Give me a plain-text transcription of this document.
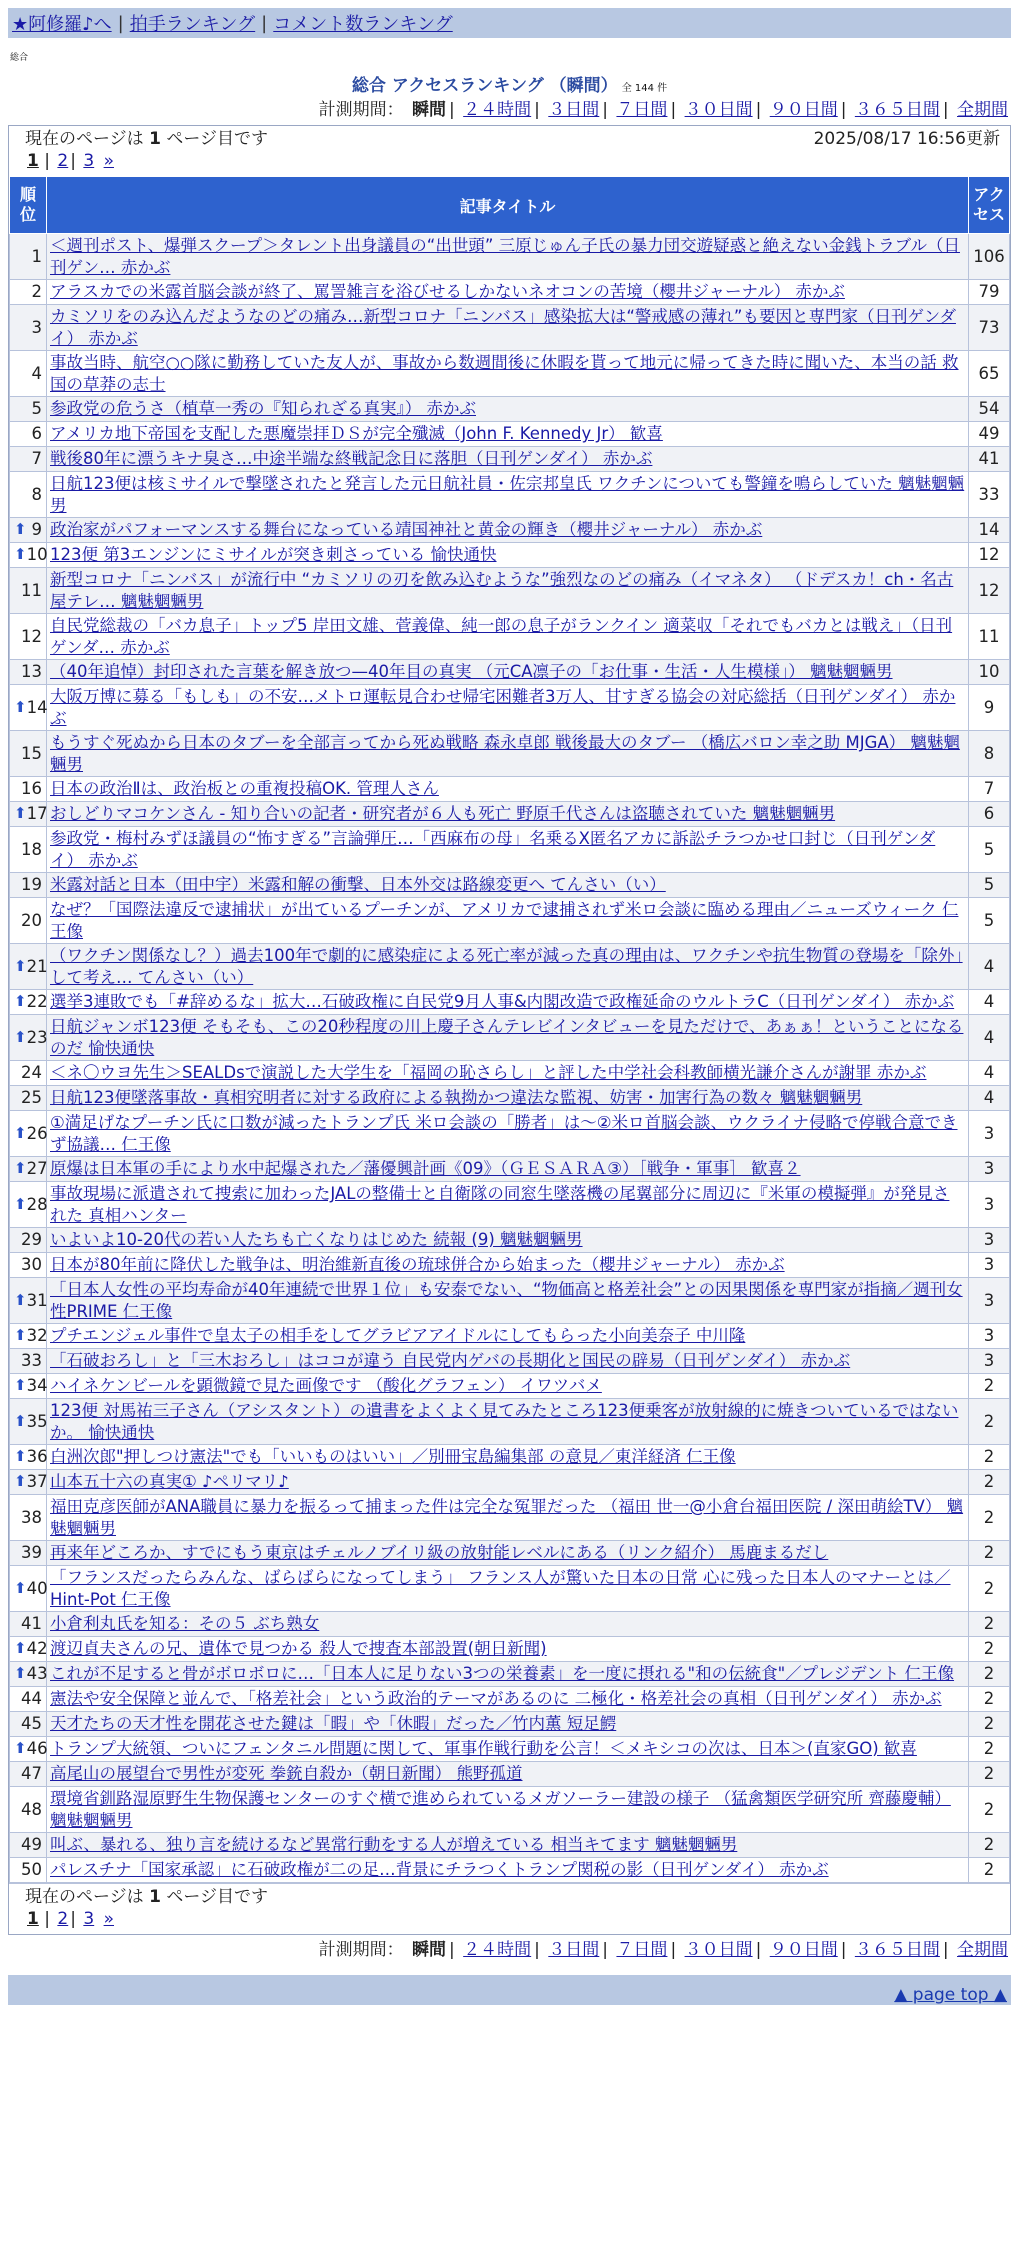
★阿修羅♪へ | 拍手ランキング | コメント数ランキング
総合
総合 アクセスランキング （瞬間） 全 144 件
計測期間： 瞬間 | ２４時間 | ３日間 | ７日間 | ３０日間 | ９０日間 | ３６５日間 | 全期間
現在のページは 1 ページ目です	2025/08/17 16:56更新
1 | 2 | 3 »
順位	記事タイトル	アクセス
1	＜週刊ポスト、爆弾スクープ＞タレント出身議員の“出世頭” 三原じゅん子氏の暴力団交遊疑惑と絶えない金銭トラブル（日刊ゲン… 赤かぶ	106
2	アラスカでの米露首脳会談が終了、罵詈雑言を浴びせるしかないネオコンの苦境（櫻井ジャーナル） 赤かぶ	79
3	カミソリをのみ込んだようなのどの痛み…新型コロナ「ニンバス」感染拡大は“警戒感の薄れ”も要因と専門家（日刊ゲンダイ） 赤かぶ	73
4	事故当時、航空○○隊に勤務していた友人が、事故から数週間後に休暇を貰って地元に帰ってきた時に聞いた、本当の話 救国の草莽の志士	65
5	参政党の危うさ（植草一秀の『知られざる真実』） 赤かぶ	54
6	アメリカ地下帝国を支配した悪魔崇拝ＤＳが完全殲滅（John F. Kennedy Jr） 歓喜	49
7	戦後80年に漂うキナ臭さ…中途半端な終戦記念日に落胆（日刊ゲンダイ） 赤かぶ	41
8	日航123便は核ミサイルで撃墜されたと発言した元日航社員・佐宗邦皇氏 ワクチンについても警鐘を鳴らしていた 魑魅魍魎男	33

⬆ 9	政治家がパフォーマンスする舞台になっている靖国神社と黄金の輝き（櫻井ジャーナル） 赤かぶ	14

⬆ 10	123便 第3エンジンにミサイルが突き刺さっている 愉快通快	12
11	新型コロナ「ニンバス」が流行中 “カミソリの刃を飲み込むような”強烈なのどの痛み（イマネタ） （ドデスカ！ch・名古屋テレ… 魑魅魍魎男	12
12	自民党総裁の「バカ息子」トップ5 岸田文雄、菅義偉、純一郎の息子がランクイン 適菜収「それでもバカとは戦え」（日刊ゲンダ… 赤かぶ	11
13	（40年追悼）封印された言葉を解き放つ—40年目の真実 （元CA凛子の「お仕事・生活・人生模様」） 魑魅魍魎男	10

⬆ 14	大阪万博に募る「もしも」の不安…メトロ運転見合わせ帰宅困難者3万人、甘すぎる協会の対応総括（日刊ゲンダイ） 赤かぶ	9
15	もうすぐ死ぬから日本のタブーを全部言ってから死ぬ戦略 森永卓郎 戦後最大のタブー （橋広バロン幸之助 MJGA） 魑魅魍魎男	8
16	日本の政治Ⅱは、政治板との重複投稿OK. 管理人さん	7

⬆ 17	おしどりマコケンさん - 知り合いの記者・研究者が６人も死亡 野原千代さんは盗聴されていた 魑魅魍魎男	6
18	参政党・梅村みずほ議員の“怖すぎる”言論弾圧…「西麻布の母」名乗るX匿名アカに訴訟チラつかせ口封じ（日刊ゲンダイ） 赤かぶ	5
19	米露対話と日本（田中宇）米露和解の衝撃、日本外交は路線変更へ てんさい（い）	5
20	なぜ？「国際法違反で逮捕状」が出ているプーチンが、アメリカで逮捕されず米ロ会談に臨める理由／ニューズウィーク 仁王像	5

⬆ 21	（ワクチン関係なし？）過去100年で劇的に感染症による死亡率が減った真の理由は、ワクチンや抗生物質の登場を「除外」して考え… てんさい（い）	4

⬆ 22	選挙3連敗でも「#辞めるな」拡大…石破政権に自民党9月人事&内閣改造で政権延命のウルトラC（日刊ゲンダイ） 赤かぶ	4

⬆ 23	日航ジャンボ123便 そもそも、この20秒程度の川上慶子さんテレビインタビューを見ただけで、あぁぁ！ということになるのだ 愉快通快	4
24	＜ネ〇ウヨ先生＞SEALDsで演説した大学生を「福岡の恥さらし」と評した中学社会科教師横光謙介さんが謝罪 赤かぶ	4
25	日航123便墜落事故・真相究明者に対する政府による執拗かつ違法な監視、妨害・加害行為の数々 魑魅魍魎男	4

⬆ 26	①満足げなプーチン氏に口数が減ったトランプ氏 米ロ会談の「勝者」は～②米ロ首脳会談、ウクライナ侵略で停戦合意できず協議… 仁王像	3

⬆ 27	原爆は日本軍の手により水中起爆された／藩優興計画《09》（ＧＥＳＡＲＡ③）［戦争・軍事］ 歓喜２	3

⬆ 28	事故現場に派遣されて捜索に加わったJALの整備士と自衛隊の同窓生墜落機の尾翼部分に周辺に『米軍の模擬弾』が発見された 真相ハンター	3
29	いよいよ10-20代の若い人たちも亡くなりはじめた 続報 (9) 魑魅魍魎男	3
30	日本が80年前に降伏した戦争は、明治維新直後の琉球併合から始まった（櫻井ジャーナル） 赤かぶ	3

⬆ 31	「日本人女性の平均寿命が40年連続で世界１位」も安泰でない、“物価高と格差社会”との因果関係を専門家が指摘／週刊女性PRIME 仁王像	3

⬆ 32	プチエンジェル事件で皇太子の相手をしてグラビアアイドルにしてもらった小向美奈子 中川隆	3
33	「石破おろし」と「三木おろし」はココが違う 自民党内ゲバの長期化と国民の辟易（日刊ゲンダイ） 赤かぶ	3

⬆ 34	ハイネケンビールを顕微鏡で見た画像です （酸化グラフェン） イワツバメ	2

⬆ 35	123便 対馬祐三子さん（アシスタント）の遺書をよくよく見てみたところ123便乗客が放射線的に焼きついているではないか。 愉快通快	2

⬆ 36	白洲次郎"押しつけ憲法"でも「いいものはいい」／別冊宝島編集部 の意見／東洋経済 仁王像	2

⬆ 37	山本五十六の真実① ♪ペリマリ♪	2
38	福田克彦医師がANA職員に暴力を振るって捕まった件は完全な冤罪だった （福田 世一@小倉台福田医院 / 深田萌絵TV） 魑魅魍魎男	2
39	再来年どころか、すでにもう東京はチェルノブイリ級の放射能レベルにある（リンク紹介） 馬鹿まるだし	2

⬆ 40	「フランスだったらみんな、ばらばらになってしまう」 フランス人が驚いた日本の日常 心に残った日本人のマナーとは／Hint-Pot 仁王像	2
41	小倉利丸氏を知る：その５ ぶち熟女	2

⬆ 42	渡辺貞夫さんの兄、遺体で見つかる 殺人で捜査本部設置(朝日新聞)	2

⬆ 43	これが不足すると骨がボロボロに…「日本人に足りない3つの栄養素」を一度に摂れる"和の伝統食"／プレジデント 仁王像	2
44	憲法や安全保障と並んで、「格差社会」という政治的テーマがあるのに 二極化・格差社会の真相（日刊ゲンダイ） 赤かぶ	2
45	天才たちの天才性を開花させた鍵は「暇」や「休暇」だった／竹内薫 短足鰐	2

⬆ 46	トランプ大統領、ついにフェンタニル問題に関して、軍事作戦行動を公言！＜メキシコの次は、日本＞(直家GO) 歓喜	2
47	高尾山の展望台で男性が変死 拳銃自殺か（朝日新聞） 熊野孤道	2
48	環境省釧路湿原野生生物保護センターのすぐ横で進められているメガソーラー建設の様子 （猛禽類医学研究所 齊藤慶輔） 魑魅魍魎男	2
49	叫ぶ、暴れる、独り言を続けるなど異常行動をする人が増えている 相当キてます 魑魅魍魎男	2
50	パレスチナ「国家承認」に石破政権が二の足…背景にチラつくトランプ関税の影（日刊ゲンダイ） 赤かぶ	2
現在のページは 1 ページ目です
1 | 2 | 3 »
計測期間： 瞬間 | ２４時間 | ３日間 | ７日間 | ３０日間 | ９０日間 | ３６５日間 | 全期間
▲ page top ▲
